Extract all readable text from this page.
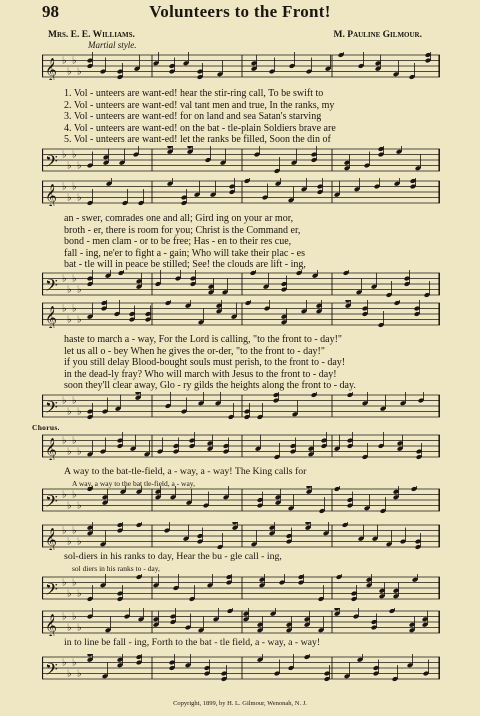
98	Volunteers to the Front!
Mrs. E. E. Williams.	M. Pauline Gilmour.
Martial style.
𝄞 ♭
♭
♭
♭
1. Vol - unteers are want-ed! hear the stir-ring call, To be swift to
2. Vol - unteers are want-ed! val tant men and true, In the ranks, my
3. Vol - unteers are want-ed! for on land and sea Satan's starving
4. Vol - unteers are want-ed! on the bat - tle-plain Soldiers brave are
5. Vol - unteers are want-ed! let the ranks be filled, Soon the din of
𝄢 ♭
♭
♭
♭
𝄞 ♭
♭
♭
♭
an - swer, comrades one and all; Gird ing on your ar mor,
broth - er, there is room for you; Christ is the Command er,
bond - men clam - or to be free; Has - en to their res cue,
fall - ing, ne'er to fight a - gain; Who will take their plac - es
bat - tle will in peace be stilled; See! the clouds are lift - ing,
𝄢 ♭
♭
♭
♭
𝄞 ♭
♭
♭
♭
haste to march a - way, For the Lord is calling, "to the front to - day!"
let us all o - bey When he gives the or-der, "to the front to - day!"
if you still delay Blood-bought souls must perish, to the front to - day!
in the dead-ly fray? Who will march with Jesus to the front to - day!
soon they'll clear away, Glo - ry gilds the heights along the front to - day.
𝄢 ♭
♭
♭
♭
Chorus.
𝄞 ♭
♭
♭
♭
A way to the bat-tle-field, a - way, a - way! The King calls for
A way, a way to the bat tle-field, a - way,
𝄢 ♭
♭
♭
♭
𝄞 ♭
♭
♭
♭
sol-diers in his ranks to day, Hear the bu - gle call - ing,
sol diers in his ranks to - day,
𝄢 ♭
♭
♭
♭
𝄞 ♭
♭
♭
♭
in to line be fall - ing, Forth to the bat - tle field, a - way, a - way!
𝄢 ♭
♭
♭
♭
Copyright, 1899, by H. L. Gilmour, Wenonah, N. J.
